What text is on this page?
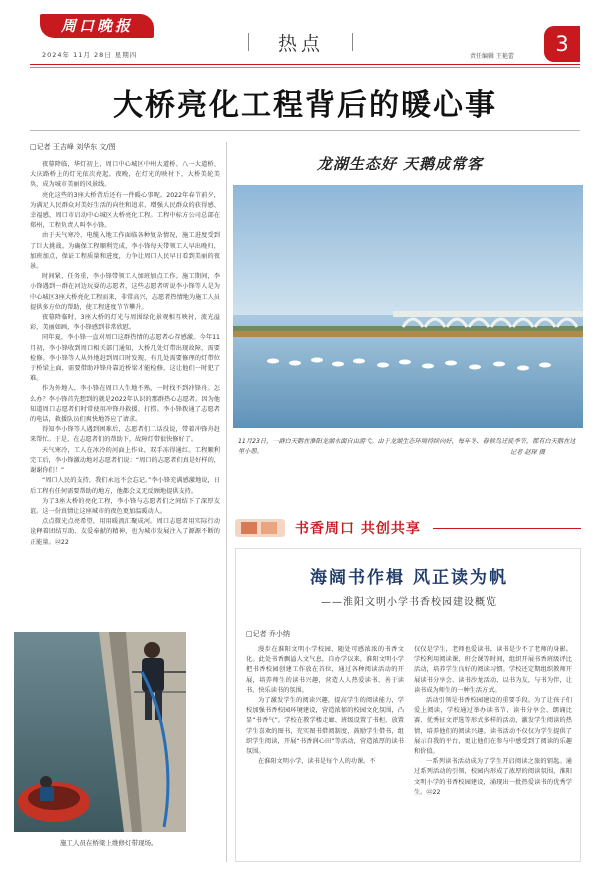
周口晚报
2024年 11月 28日 星期四	热点
责任编辑 王艳蕾
3
大桥亮化工程背后的暖心事
□记者 王吉峰 刘华东 文/图

夜幕降临，华灯初上，周口中心城区中州大道桥、八一大道桥、大庆路桥上的灯光依次亮起。夜晚，在灯光的映衬下，大桥美轮美奂，成为城市美丽的风景线。

亮化这些的3座大桥背后还有一件暖心事呢。2022年春节前夕，为满足人民群众对美好生活的向往和追求，增强人民群众的获得感、幸福感，周口市启动中心城区大桥亮化工程。工程中标方公司总部在郑州，工程负责人叫李小锋。

由于天气寒冷、电缆入地工作面临各种复杂情况，施工进度受到了巨大挑战。为确保工程顺利完成，李小锋每天带领工人早出晚归，加班加点，保证工程质量和进度，力争让周口人民早日看到美丽的夜景。

时间紧、任务重，李小锋带领工人加班加点工作。施工期间，李小锋遇到一群在河边玩耍的志愿者，这些志愿者听说李小锋等人是为中心城区3座大桥亮化工程而来，非常高兴，志愿者热情地为施工人员提供多方位的帮助，使工程进度节节攀升。

夜幕降临时，3座大桥的灯光与周围绿化景观相互映衬，流光溢彩，美丽如画，李小锋感到非常欣慰。

同年夏，李小锋一直对周口这群热情的志愿者心存感激。今年11月初，李小锋收到周口相关部门通知，大桥几处灯带出现故障，需要检修。李小锋等人从外地赶到周口时发现，有几处需要修理的灯带位于桥梁上面，需要借助冲锋舟靠近桥梁才能检修，这让他们一时犯了难。

作为外地人，李小锋在周口人生地不熟，一时找不到冲锋舟。怎么办？李小锋首先想到的就是2022年认识的那群热心志愿者。因为他知道周口志愿者们时常使用冲锋舟救援、打捞。李小锋拨通了志愿者的电话，救援队员们爽快地答应了请求。

得知李小锋等人遇到困难后，志愿者们二话没说，带着冲锋舟赶来帮忙。于是，在志愿者们的帮助下，故障灯带很快修好了。

天气寒冷，工人在冰冷的河面上作业，双手冻得通红。工程顺利完工后，李小锋激动地对志愿者们说：“周口的志愿者们真是好样的，谢谢你们！”

“周口人民的支持，我们永远不会忘记。”李小锋充满感激地说，日后工程有任何需要帮助的地方，他都会义无反顾地提供支持。

为了3座大桥的亮化工程，李小锋与志愿者们之间结下了深厚友谊。这一份真情让这座城市的夜色更加温暖动人。

点点微光点亮希望，用用暖流汇聚成河。周口志愿者用实际行动诠释着团结互助、友爱奉献的精神，也为城市发展注入了源源不断的正能量。㉒22

施工人员在桥梁上维修灯带现场。
龙湖生态好 天鹅成常客
11月23日，一群白天鹅在淮阳龙湖水面自由游弋。由于龙湖生态环境持续向好，每年冬、春候鸟迁徙季节，都有白天鹅在这里小憩。	记者 赵琛 摄
书香周口 共创共享
海阔书作楫 风正读为帆
——淮阳文明小学书香校园建设概览
□记者 乔小纳

漫步在淮阳文明小学校园，随处可感浓浓的书香文化。此处书香飘溢人文气息，自办学以来，淮阳文明小学把书香校园创建工作放在首位，通过各种阅读活动的开展，培养师生的读书兴趣，营造人人热爱读书、善于读书、快乐读书的氛围。

为了激发学生的阅读兴趣，提高学生的阅读能力，学校加强书香校园环境建设，营造浓郁的校园文化氛围，凸显“书香气”。学校在教学楼走廊、班级设置了书柜，放置学生喜欢的图书，充实图书借阅制度，鼓励学生借书，组织学生阅读，开展“书香润心田”等活动，营造浓厚的读书氛围。

在淮阳文明小学，读书是每个人的功课。不

仅仅是学生，老师也爱读书，读书是少不了老师的身影。学校利用阅读课、班会课等时间，组织开展书香班级评比活动，培养学生良好的阅读习惯。学校还定期组织教师开展读书分享会、读书沙龙活动，以书为友，与书为伴，让读书成为师生的一种生活方式。

活动引领是书香校园建设的重要手段。为了让孩子们爱上阅读，学校通过举办读书节、读书分享会、朗诵比赛、优秀征文评选等形式多样的活动，激发学生阅读的热情，培养他们的阅读兴趣。读书活动不仅仅为学生提供了展示自我的平台，更让他们在参与中感受到了阅读的乐趣和价值。

一系列读书活动成为了学生开启阅读之旅的钥匙。通过系列活动的引领，校园内形成了浓厚的阅读氛围，淮阳文明小学的书香校园建设，涌现出一批热爱读书的优秀学生。㉒22
